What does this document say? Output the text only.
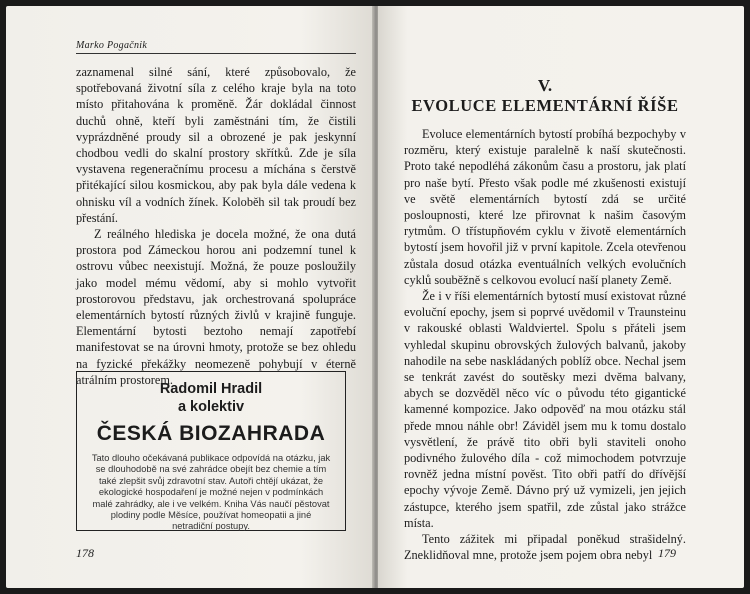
Marko Pogačnik

zaznamenal silné sání, které způsobovalo, že spotřebovaná životní síla z celého kraje byla na toto místo přitahována k proměně. Žár dokládal činnost duchů ohně, kteří byli zaměstnáni tím, že čistili vyprázdněné proudy sil a obrozené je pak jeskynní chodbou vedli do skalní prostory skřítků. Zde je síla vystavena regeneračnímu procesu a míchána s čerstvě přitékající silou kosmickou, aby pak byla dále vedena k ohnisku víl a vodních žínek. Koloběh sil tak proudí bez přestání.

Z reálného hlediska je docela možné, že ona dutá prostora pod Zámeckou horou ani podzemní tunel k ostrovu vůbec neexistují. Možná, že pouze posloužily jako model mému vědomí, aby si mohlo vytvořit prostorovou představu, jak orchestrovaná spolupráce elementárních bytostí různých živlů v krajině funguje. Elementární bytosti beztoho nemají zapotřebí manifestovat se na úrovni hmoty, protože se bez ohledu na fyzické překážky neomezeně pohybují v éterně atrálním prostorem.

Radomil Hradil
a kolektiv
ČESKÁ BIOZAHRADA
Tato dlouho očekávaná publikace odpovídá na otázku, jak se dlouhodobě na své zahrádce obejít bez chemie a tím také zlepšit svůj zdravotní stav. Autoři chtějí ukázat, že ekologické hospodaření je možné nejen v podmínkách malé zahrádky, ale i ve velkém. Kniha Vás naučí pěstovat plodiny podle Měsíce, používat homeopatii a jiné netradiční postupy.
178
V.
EVOLUCE ELEMENTÁRNÍ ŘÍŠE

Evoluce elementárních bytostí probíhá bezpochyby v rozměru, který existuje paralelně k naší skutečnosti. Proto také nepodléhá zákonům času a prostoru, jak platí pro naše bytí. Přesto však podle mé zkušenosti existují ve světě elementárních bytostí zdá se určité posloupnosti, které lze přirovnat k našim časovým rytmům. O třístupňovém cyklu v životě elementárních bytostí jsem hovořil již v první kapitole. Zcela otevřenou zůstala dosud otázka eventuálních velkých evolučních cyklů souběžně s celkovou evolucí naší planety Země.

Že i v říši elementárních bytostí musí existovat různé evoluční epochy, jsem si poprvé uvědomil v Traunsteinu v rakouské oblasti Waldviertel. Spolu s přáteli jsem vyhledal skupinu obrovských žulových balvanů, jakoby nahodile na sebe naskládaných poblíž obce. Nechal jsem se tenkrát zavést do soutěsky mezi dvěma balvany, abych se dozvěděl něco víc o původu této gigantické kamenné kompozice. Jako odpověď na mou otázku stál přede mnou náhle obr! Záviděl jsem mu k tomu dostalo vysvětlení, že právě tito obři byli staviteli onoho podivného žulového díla - což mimochodem potvrzuje rovněž jedna místní pověst. Tito obři patří do dřívější epochy vývoje Země. Dávno prý už vymizeli, jen jejich zástupce, kterého jsem spatřil, zde zůstal jako strážce místa.

Tento zážitek mi připadal poněkud strašidelný. Zneklidňoval mne, protože jsem pojem obra nebyl 179
